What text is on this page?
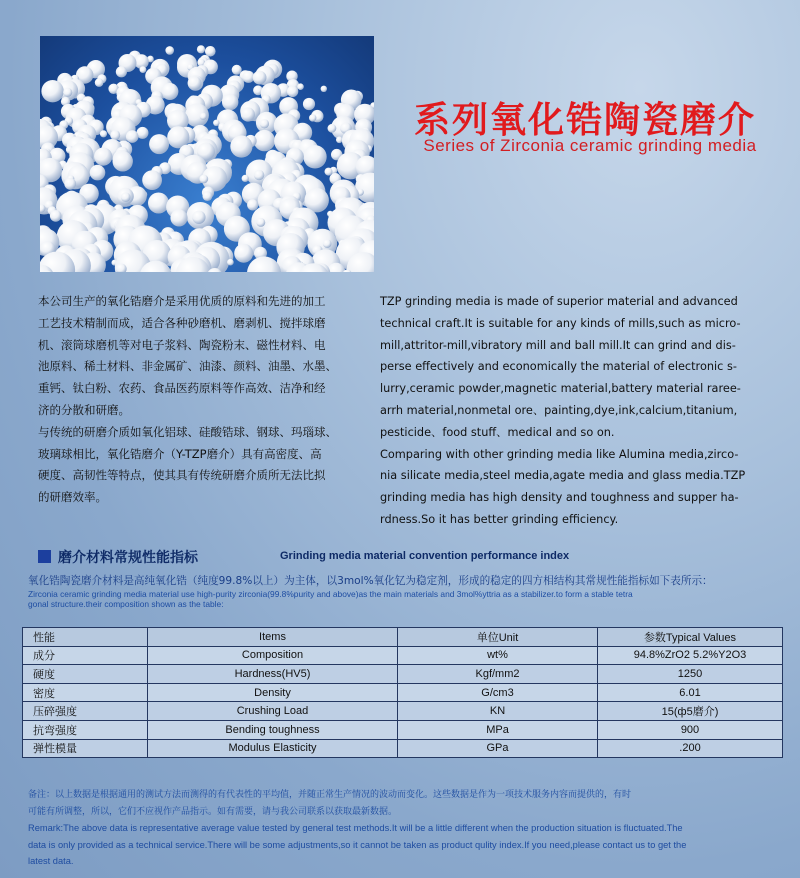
系列氧化锆陶瓷磨介
Series of Zirconia ceramic grinding media

本公司生产的氧化锆磨介是采用优质的原料和先进的加工
工艺技术精制而成，适合各种砂磨机、磨剥机、搅拌球磨
机、滚筒球磨机等对电子浆料、陶瓷粉末、磁性材料、电
池原料、稀土材料、非金属矿、油漆、颜料、油墨、水墨、
重钙、钛白粉、农药、食品医药原料等作高效、洁净和经
济的分散和研磨。

与传统的研磨介质如氧化铝球、硅酸锆球、钢球、玛瑙球、
玻璃球相比，氧化锆磨介（Y-TZP磨介）具有高密度、高
硬度、高韧性等特点，使其具有传统研磨介质所无法比拟
的研磨效率。

TZP grinding media is made of superior material and advanced
technical craft.It is suitable for any kinds of mills,such as micro-
mill,attritor-mill,vibratory mill and ball mill.It can grind and dis-
perse effectively and economically the material of electronic s-
lurry,ceramic powder,magnetic material,battery material raree-
arrh material,nonmetal ore、painting,dye,ink,calcium,titanium,
pesticide、food stuff、medical and so on.

Comparing with other grinding media like Alumina media,zirco-
nia silicate media,steel media,agate media and glass media.TZP
grinding media has high density and toughness and supper ha-
rdness.So it has better grinding efficiency.

磨介材料常规性能指标	Grinding media material convention performance index
氧化锆陶瓷磨介材料是高纯氧化锆（纯度99.8%以上）为主体，以3mol%氧化钇为稳定剂，形成的稳定的四方相结构其常规性能指标如下表所示：
Zirconia ceramic grinding media material use high-purity zirconia(99.8%purity and above)as the main materials and 3mol%yttria as a stabilizer.to form a stable tetra
gonal structure.their composition shown as the table:
性能	Items	单位Unit	参数Typical Values
成分	Composition	wt%	94.8%ZrO2 5.2%Y2O3
硬度	Hardness(HV5)	Kgf/mm2	1250
密度	Density	G/cm3	6.01
压碎强度	Crushing Load	KN	15(ф5磨介)
抗弯强度	Bending toughness	MPa	900
弹性模量	Modulus Elasticity	GPa	.200

备注：以上数据是根据通用的测试方法而测得的有代表性的平均值，并随正常生产情况的波动而变化。这些数据是作为一项技术服务内容而提供的，有时
可能有所调整，所以，它们不应视作产品指示。如有需要，请与我公司联系以获取最新数据。

Remark:The above data is representative average value tested by general test methods.It will be a little different when the production situation is fluctuated.The
data is only provided as a technical service.There will be some adjustments,so it cannot be taken as product qulity index.If you need,please contact us to get the
latest data.
